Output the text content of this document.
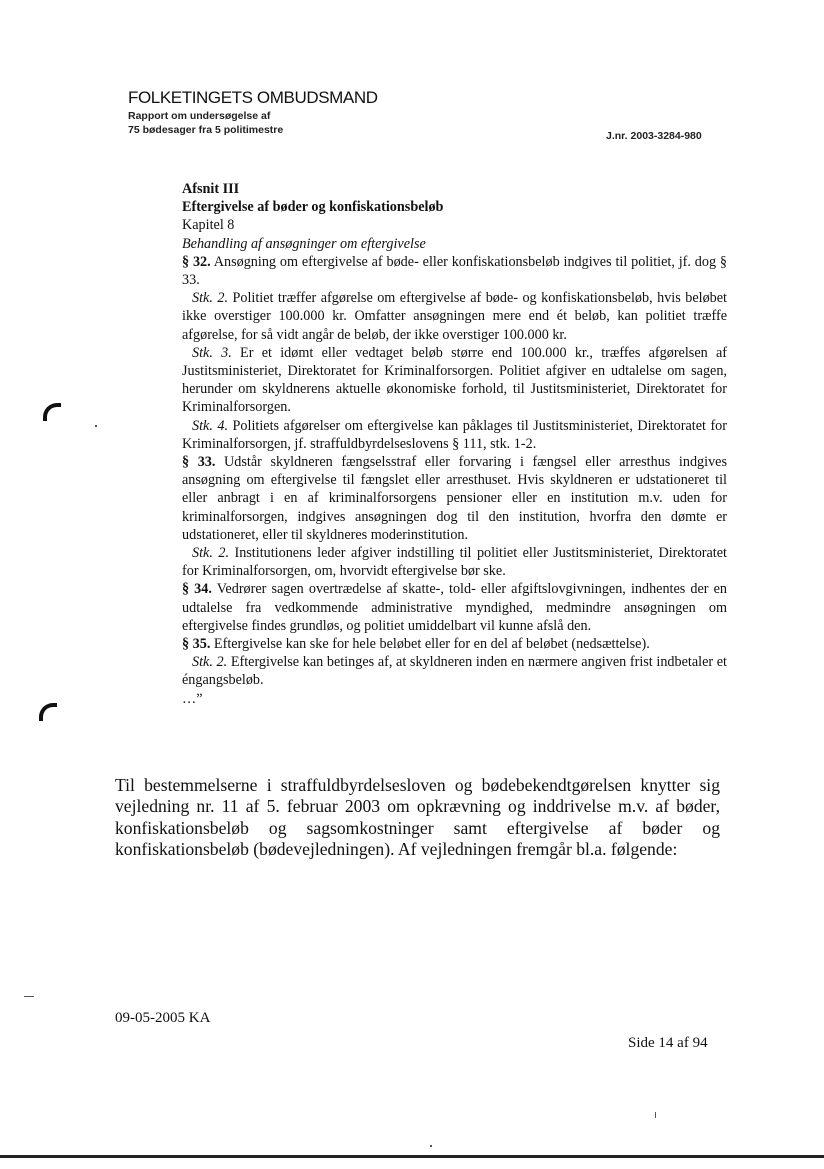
FOLKETINGETS OMBUDSMAND
Rapport om undersøgelse af
75 bødesager fra 5 politimestre	J.nr. 2003-3284-980

Afsnit III

Eftergivelse af bøder og konfiskationsbeløb

Kapitel 8

Behandling af ansøgninger om eftergivelse

§ 32. Ansøgning om eftergivelse af bøde- eller konfiskationsbeløb indgives til politiet, jf. dog § 33.

Stk. 2. Politiet træffer afgørelse om eftergivelse af bøde- og konfiskationsbeløb, hvis beløbet ikke overstiger 100.000 kr. Omfatter ansøgningen mere end ét beløb, kan politiet træffe afgørelse, for så vidt angår de beløb, der ikke overstiger 100.000 kr.

Stk. 3. Er et idømt eller vedtaget beløb større end 100.000 kr., træffes afgørelsen af Justitsministeriet, Direktoratet for Kriminalforsorgen. Politiet afgiver en udtalelse om sagen, herunder om skyldnerens aktuelle økonomiske forhold, til Justitsministeriet, Direktoratet for Kriminalforsorgen.

Stk. 4. Politiets afgørelser om eftergivelse kan påklages til Justitsministeriet, Direktoratet for Kriminalforsorgen, jf. straffuldbyrdelseslovens § 111, stk. 1-2.

§ 33. Udstår skyldneren fængselsstraf eller forvaring i fængsel eller arresthus indgives ansøgning om eftergivelse til fængslet eller arresthuset. Hvis skyldneren er udstationeret til eller anbragt i en af kriminalforsorgens pensioner eller en institution m.v. uden for kriminalforsorgen, indgives ansøgningen dog til den institution, hvorfra den dømte er udstationeret, eller til skyldneres moderinstitution.

Stk. 2. Institutionens leder afgiver indstilling til politiet eller Justitsministeriet, Direktoratet for Kriminalforsorgen, om, hvorvidt eftergivelse bør ske.

§ 34. Vedrører sagen overtrædelse af skatte-, told- eller afgiftslovgivningen, indhentes der en udtalelse fra vedkommende administrative myndighed, medmindre ansøgningen om eftergivelse findes grundløs, og politiet umiddelbart vil kunne afslå den.

§ 35. Eftergivelse kan ske for hele beløbet eller for en del af beløbet (nedsættelse).

Stk. 2. Eftergivelse kan betinges af, at skyldneren inden en nærmere angiven frist indbetaler et éngangsbeløb.

…”

Til bestemmelserne i straffuldbyrdelsesloven og bødebekendtgørelsen knytter sig vejledning nr. 11 af 5. februar 2003 om opkrævning og inddrivelse m.v. af bøder, konfiskationsbeløb og sagsomkostninger samt eftergivelse af bøder og konfiskationsbeløb (bødevejledningen). Af vejledningen fremgår bl.a. følgende:
09-05-2005 KA
Side 14 af 94
